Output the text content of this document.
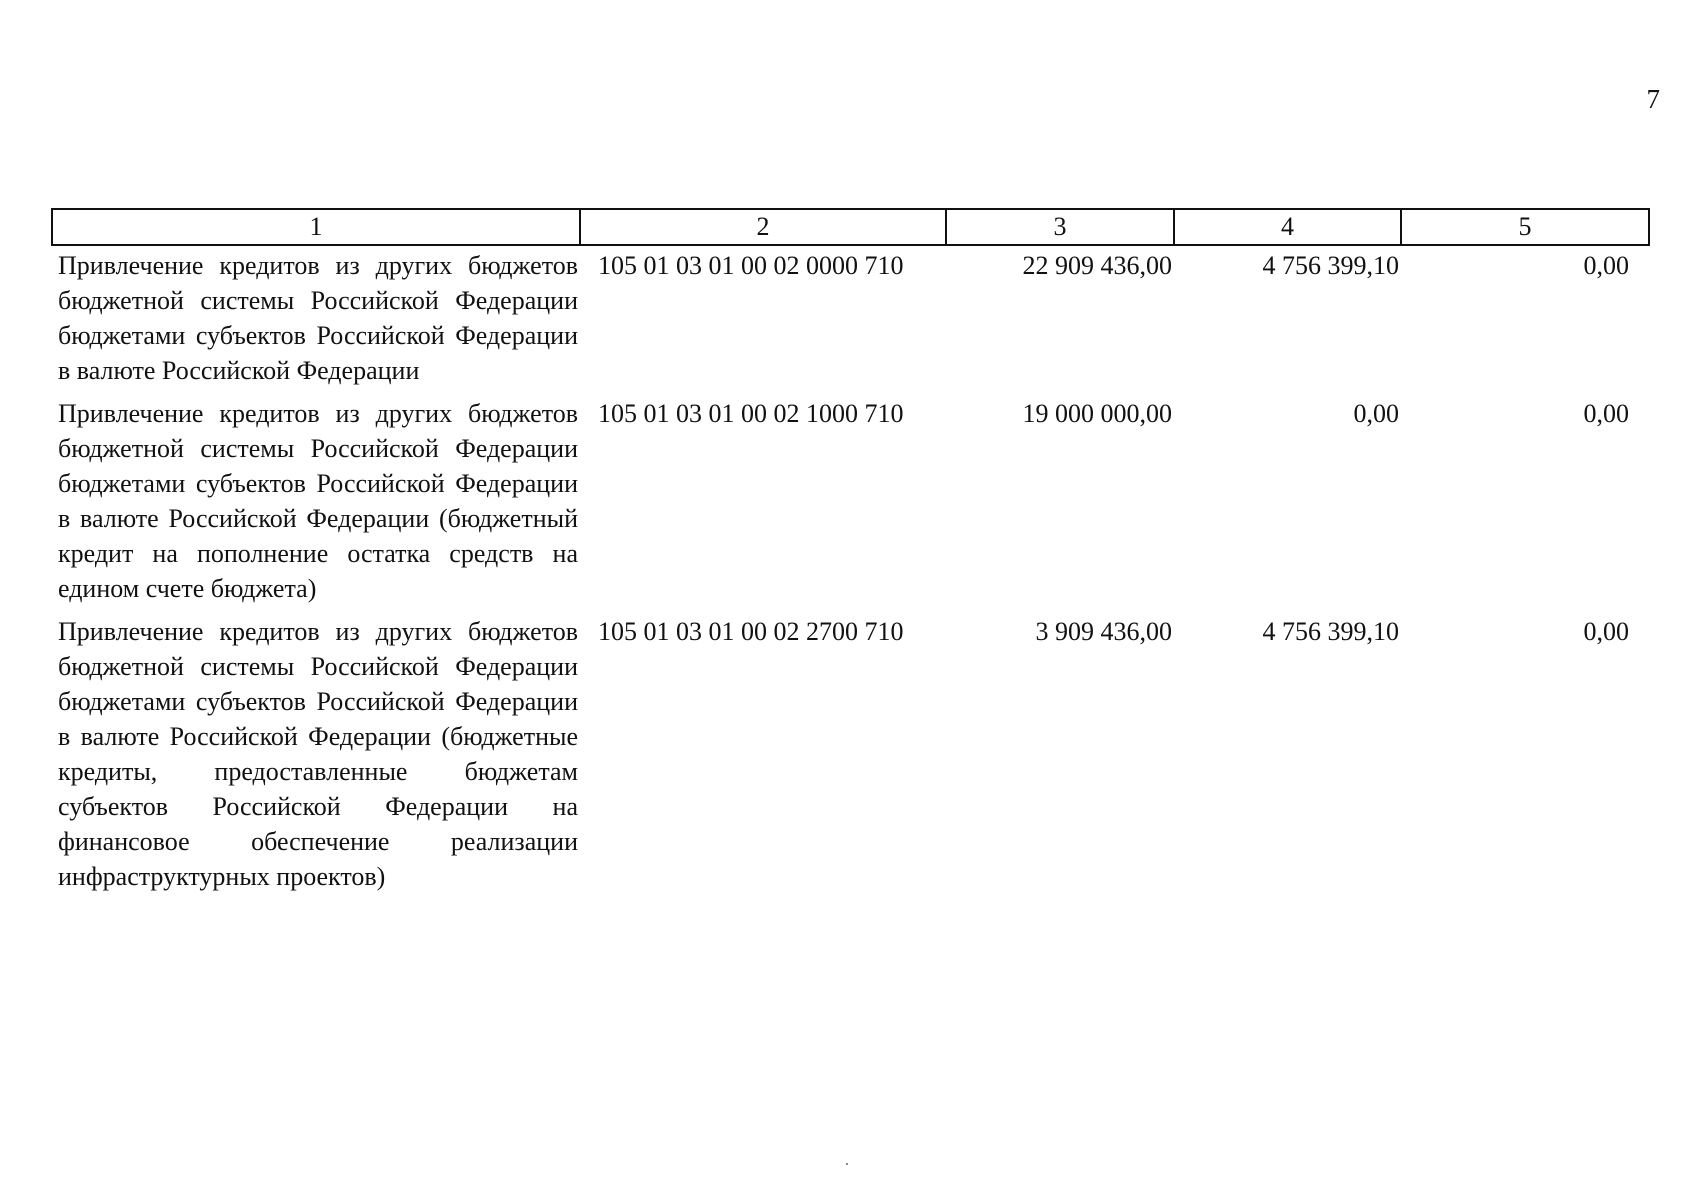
7
1	2	3	4	5
Привлечение кредитов из других бюджетов бюджетной системы Российской Федерации бюджетами субъектов Российской Федерации в валюте Российской Федерации	105 01 03 01 00 02 0000 710	22 909 436,00	4 756 399,10	0,00
Привлечение кредитов из других бюджетов бюджетной системы Российской Федерации бюджетами субъектов Российской Федерации в валюте Российской Федерации (бюджетный кредит на пополнение остатка средств на едином счете бюджета)	105 01 03 01 00 02 1000 710	19 000 000,00	0,00	0,00
Привлечение кредитов из других бюджетов бюджетной системы Российской Федерации бюджетами субъектов Российской Федерации в валюте Российской Федерации (бюджетные кредиты, предоставленные бюджетам субъектов Российской Федерации на финансовое обеспечение реализации инфраструктурных проектов)	105 01 03 01 00 02 2700 710	3 909 436,00	4 756 399,10	0,00
